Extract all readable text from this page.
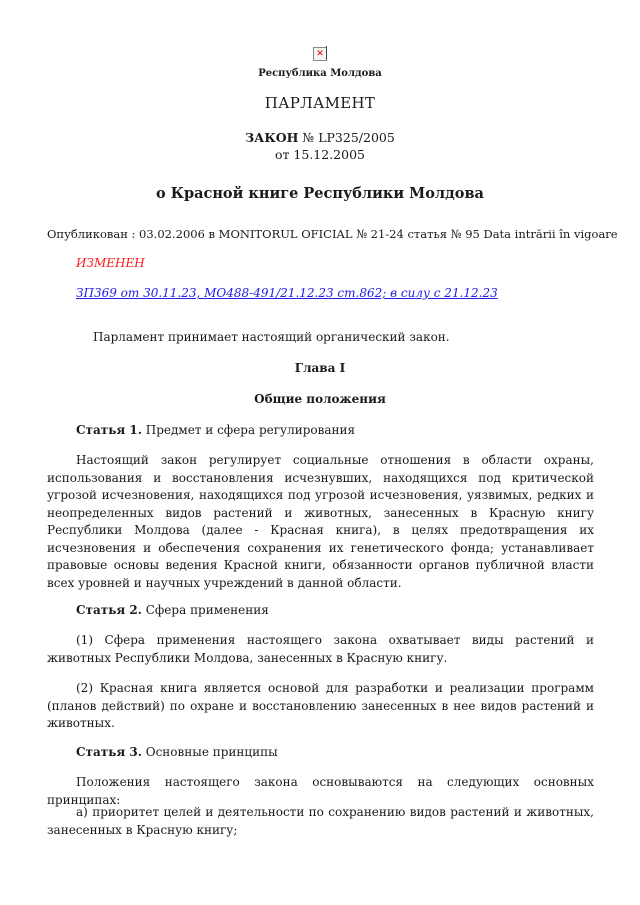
✕
Республика Молдова
ПАРЛАМЕНТ
ЗАКОН № LP325/2005
от 15.12.2005
о Красной книге Республики Молдова
Опубликован : 03.02.2006 в MONITORUL OFICIAL № 21-24 статья № 95 Data intrării în vigoare
ИЗМЕНЕН
ЗП369 от 30.11.23, МО488-491/21.12.23 ст.862; в силу с 21.12.23
Парламент принимает настоящий органический закон.
Глава I
Общие положения
Статья 1. Предмет и сфера регулирования
Настоящий закон регулирует социальные отношения в области охраны, использования и восстановления исчезнувших, находящихся под критической угрозой исчезновения, находящихся под угрозой исчезновения, уязвимых, редких и неопределенных видов растений и животных, занесенных в Красную книгу Республики Молдова (далее - Красная книга), в целях предотвращения их исчезновения и обеспечения сохранения их генетического фонда; устанавливает правовые основы ведения Красной книги, обязанности органов публичной власти всех уровней и научных учреждений в данной области.
Статья 2. Сфера применения
(1) Сфера применения настоящего закона охватывает виды растений и животных Республики Молдова, занесенных в Красную книгу.
(2) Красная книга является основой для разработки и реализации программ (планов действий) по охране и восстановлению занесенных в нее видов растений и животных.
Статья 3. Основные принципы
Положения настоящего закона основываются на следующих основных принципах:
а) приоритет целей и деятельности по сохранению видов растений и животных, занесенных в Красную книгу;
